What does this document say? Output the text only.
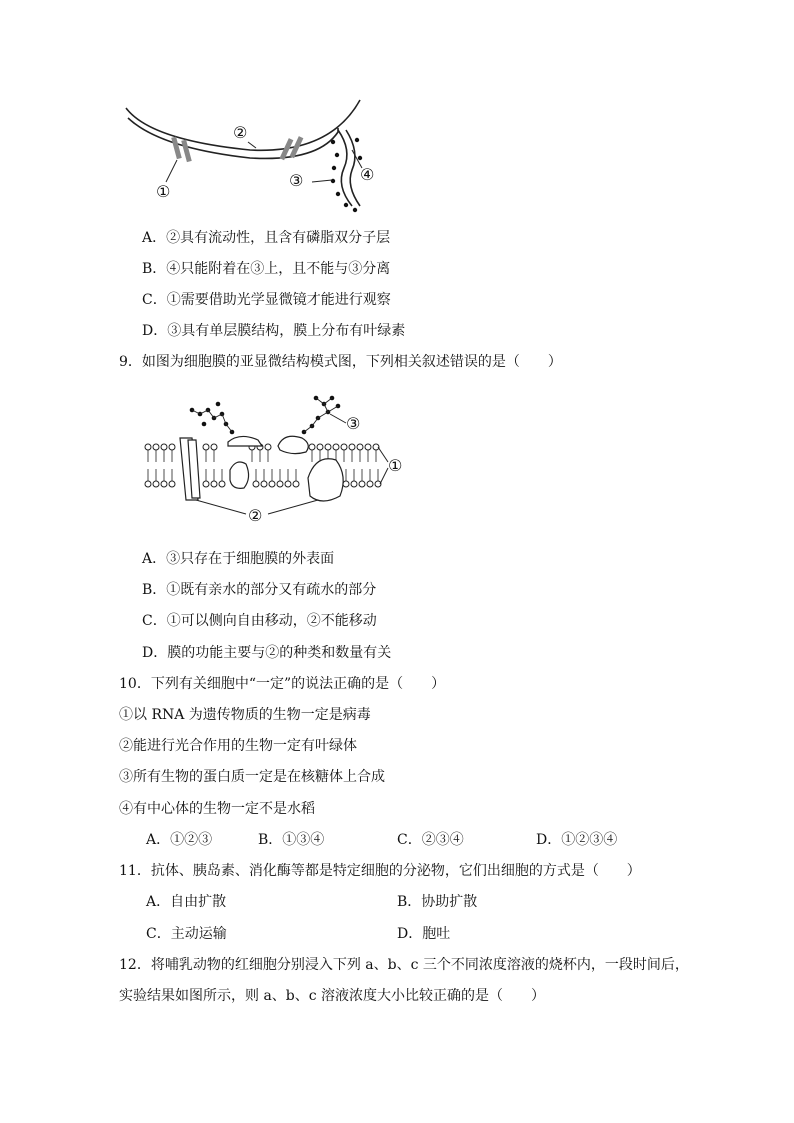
①
②
③	④
A．②具有流动性，且含有磷脂双分子层
B．④只能附着在③上，且不能与③分离
C．①需要借助光学显微镜才能进行观察
D．③具有单层膜结构，膜上分布有叶绿素
9．如图为细胞膜的亚显微结构模式图，下列相关叙述错误的是（　　）
①
②
③
A．③只存在于细胞膜的外表面
B．①既有亲水的部分又有疏水的部分
C．①可以侧向自由移动，②不能移动
D．膜的功能主要与②的种类和数量有关
10．下列有关细胞中“一定”的说法正确的是（　　）
①以 RNA 为遗传物质的生物一定是病毒
②能进行光合作用的生物一定有叶绿体
③所有生物的蛋白质一定是在核糖体上合成
④有中心体的生物一定不是水稻
A．①②③	B．①③④	C．②③④	D．①②③④
11．抗体、胰岛素、消化酶等都是特定细胞的分泌物，它们出细胞的方式是（　　）
A．自由扩散	B．协助扩散
C．主动运输	D．胞吐
12．将哺乳动物的红细胞分别浸入下列 a、b、c 三个不同浓度溶液的烧杯内，一段时间后，
实验结果如图所示，则 a、b、c 溶液浓度大小比较正确的是（　　）
